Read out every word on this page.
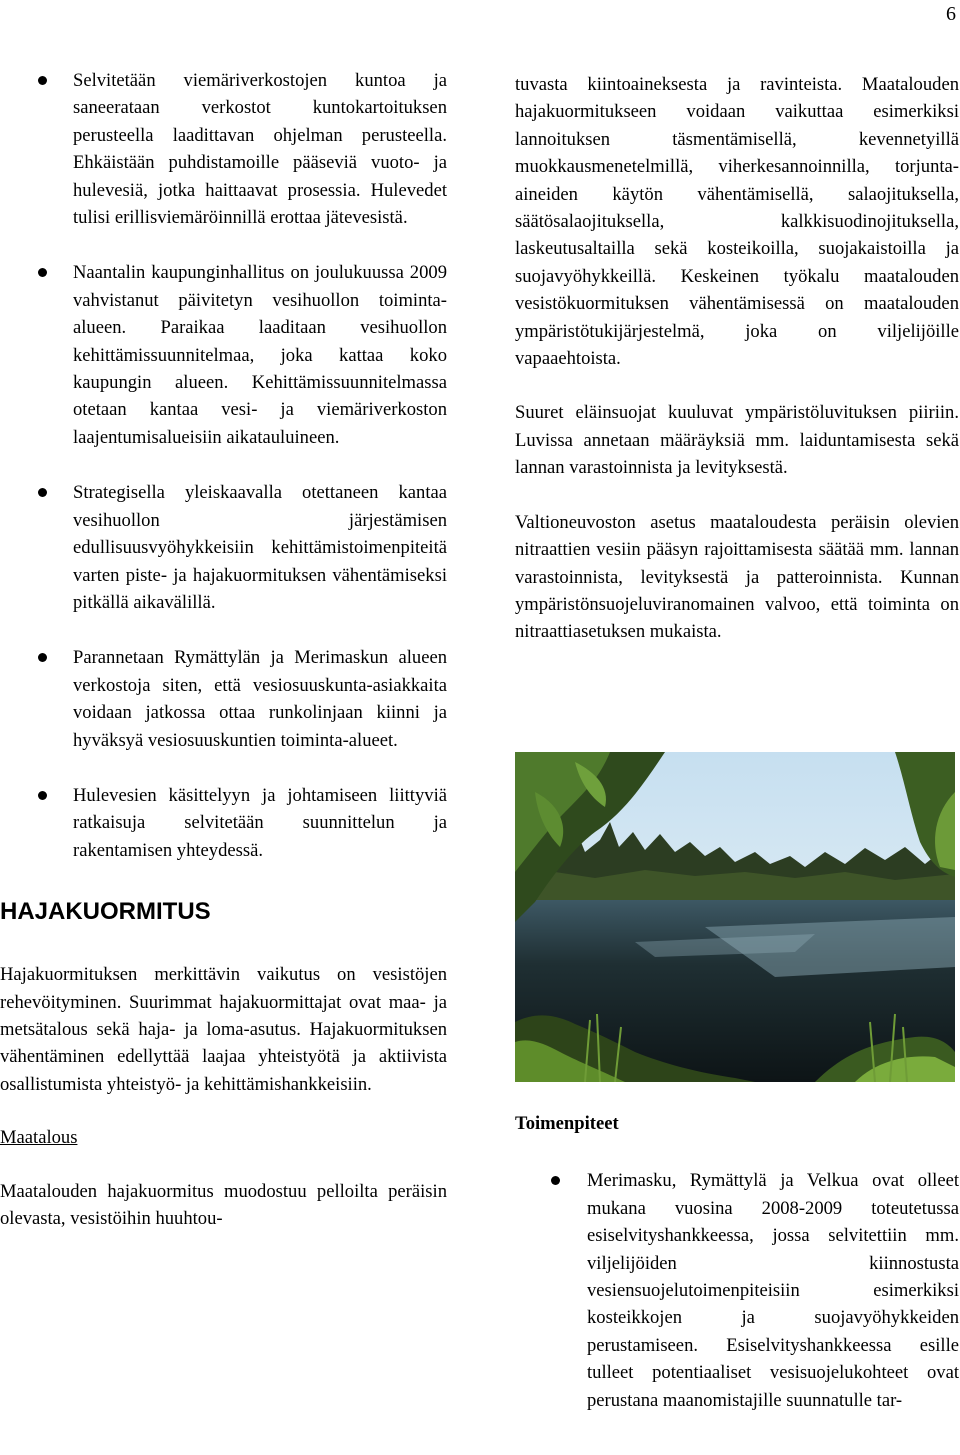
6
Selvitetään viemäriverkostojen kuntoa ja saneerataan verkostot kuntokartoituksen perusteella laadittavan ohjelman perusteella. Ehkäistään puhdistamoille pääseviä vuoto- ja hulevesiä, jotka haittaavat prosessia. Hulevedet tulisi erillisviemäröinnillä erottaa jätevesistä.
Naantalin kaupunginhallitus on joulukuussa 2009 vahvistanut päivitetyn vesihuollon toiminta-alueen. Paraikaa laaditaan vesihuollon kehittämissuunnitelmaa, joka kattaa koko kaupungin alueen. Kehittämissuunnitelmassa otetaan kantaa vesi- ja viemäriverkoston laajentumisalueisiin aikatauluineen.
Strategisella yleiskaavalla otettaneen kantaa vesihuollon järjestämisen edullisuusvyöhykkeisiin kehittämistoimenpiteitä varten piste- ja hajakuormituksen vähentämiseksi pitkällä aikavälillä.
Parannetaan Rymättylän ja Merimaskun alueen verkostoja siten, että vesiosuuskunta-asiakkaita voidaan jatkossa ottaa runkolinjaan kiinni ja hyväksyä vesiosuuskuntien toiminta-alueet.
Hulevesien käsittelyyn ja johtamiseen liittyviä ratkaisuja selvitetään suunnittelun ja rakentamisen yhteydessä.
HAJAKUORMITUS

Hajakuormituksen merkittävin vaikutus on vesistöjen rehevöityminen. Suurimmat hajakuormittajat ovat maa- ja metsätalous sekä haja- ja loma-asutus. Hajakuormituksen vähentäminen edellyttää laajaa yhteistyötä ja aktiivista osallistumista yhteistyö- ja kehittämishankkeisiin.

Maatalous

Maatalouden hajakuormitus muodostuu pelloilta peräisin olevasta, vesistöihin huuhtou-

tuvasta kiintoaineksesta ja ravinteista. Maatalouden hajakuormitukseen voidaan vaikuttaa esimerkiksi lannoituksen täsmentämisellä, kevennetyillä muokkausmenetelmillä, viherkesannoinnilla, torjunta-aineiden käytön vähentämisellä, salaojituksella, säätösalaojituksella, kalkkisuodinojituksella, laskeutusaltailla sekä kosteikoilla, suojakaistoilla ja suojavyöhykkeillä. Keskeinen työkalu maatalouden vesistökuormituksen vähentämisessä on maatalouden ympäristötukijärjestelmä, joka on viljelijöille vapaaehtoista.

Suuret eläinsuojat kuuluvat ympäristöluvituksen piiriin. Luvissa annetaan määräyksiä mm. laiduntamisesta sekä lannan varastoinnista ja levityksestä.

Valtioneuvoston asetus maataloudesta peräisin olevien nitraattien vesiin pääsyn rajoittamisesta säätää mm. lannan varastoinnista, levityksestä ja patteroinnista. Kunnan ympäristönsuojeluviranomainen valvoo, että toiminta on nitraattiasetuksen mukaista.

Toimenpiteet

Merimasku, Rymättylä ja Velkua ovat olleet mukana vuosina 2008-2009 toteutetussa esiselvityshankkeessa, jossa selvitettiin mm. viljelijöiden kiinnostusta vesiensuojelutoimenpiteisiin esimerkiksi kosteikkojen ja suojavyöhykkeiden perustamiseen. Esiselvityshankkeessa esille tulleet potentiaaliset vesisuojelukohteet ovat perustana maanomistajille suunnatulle tar-
